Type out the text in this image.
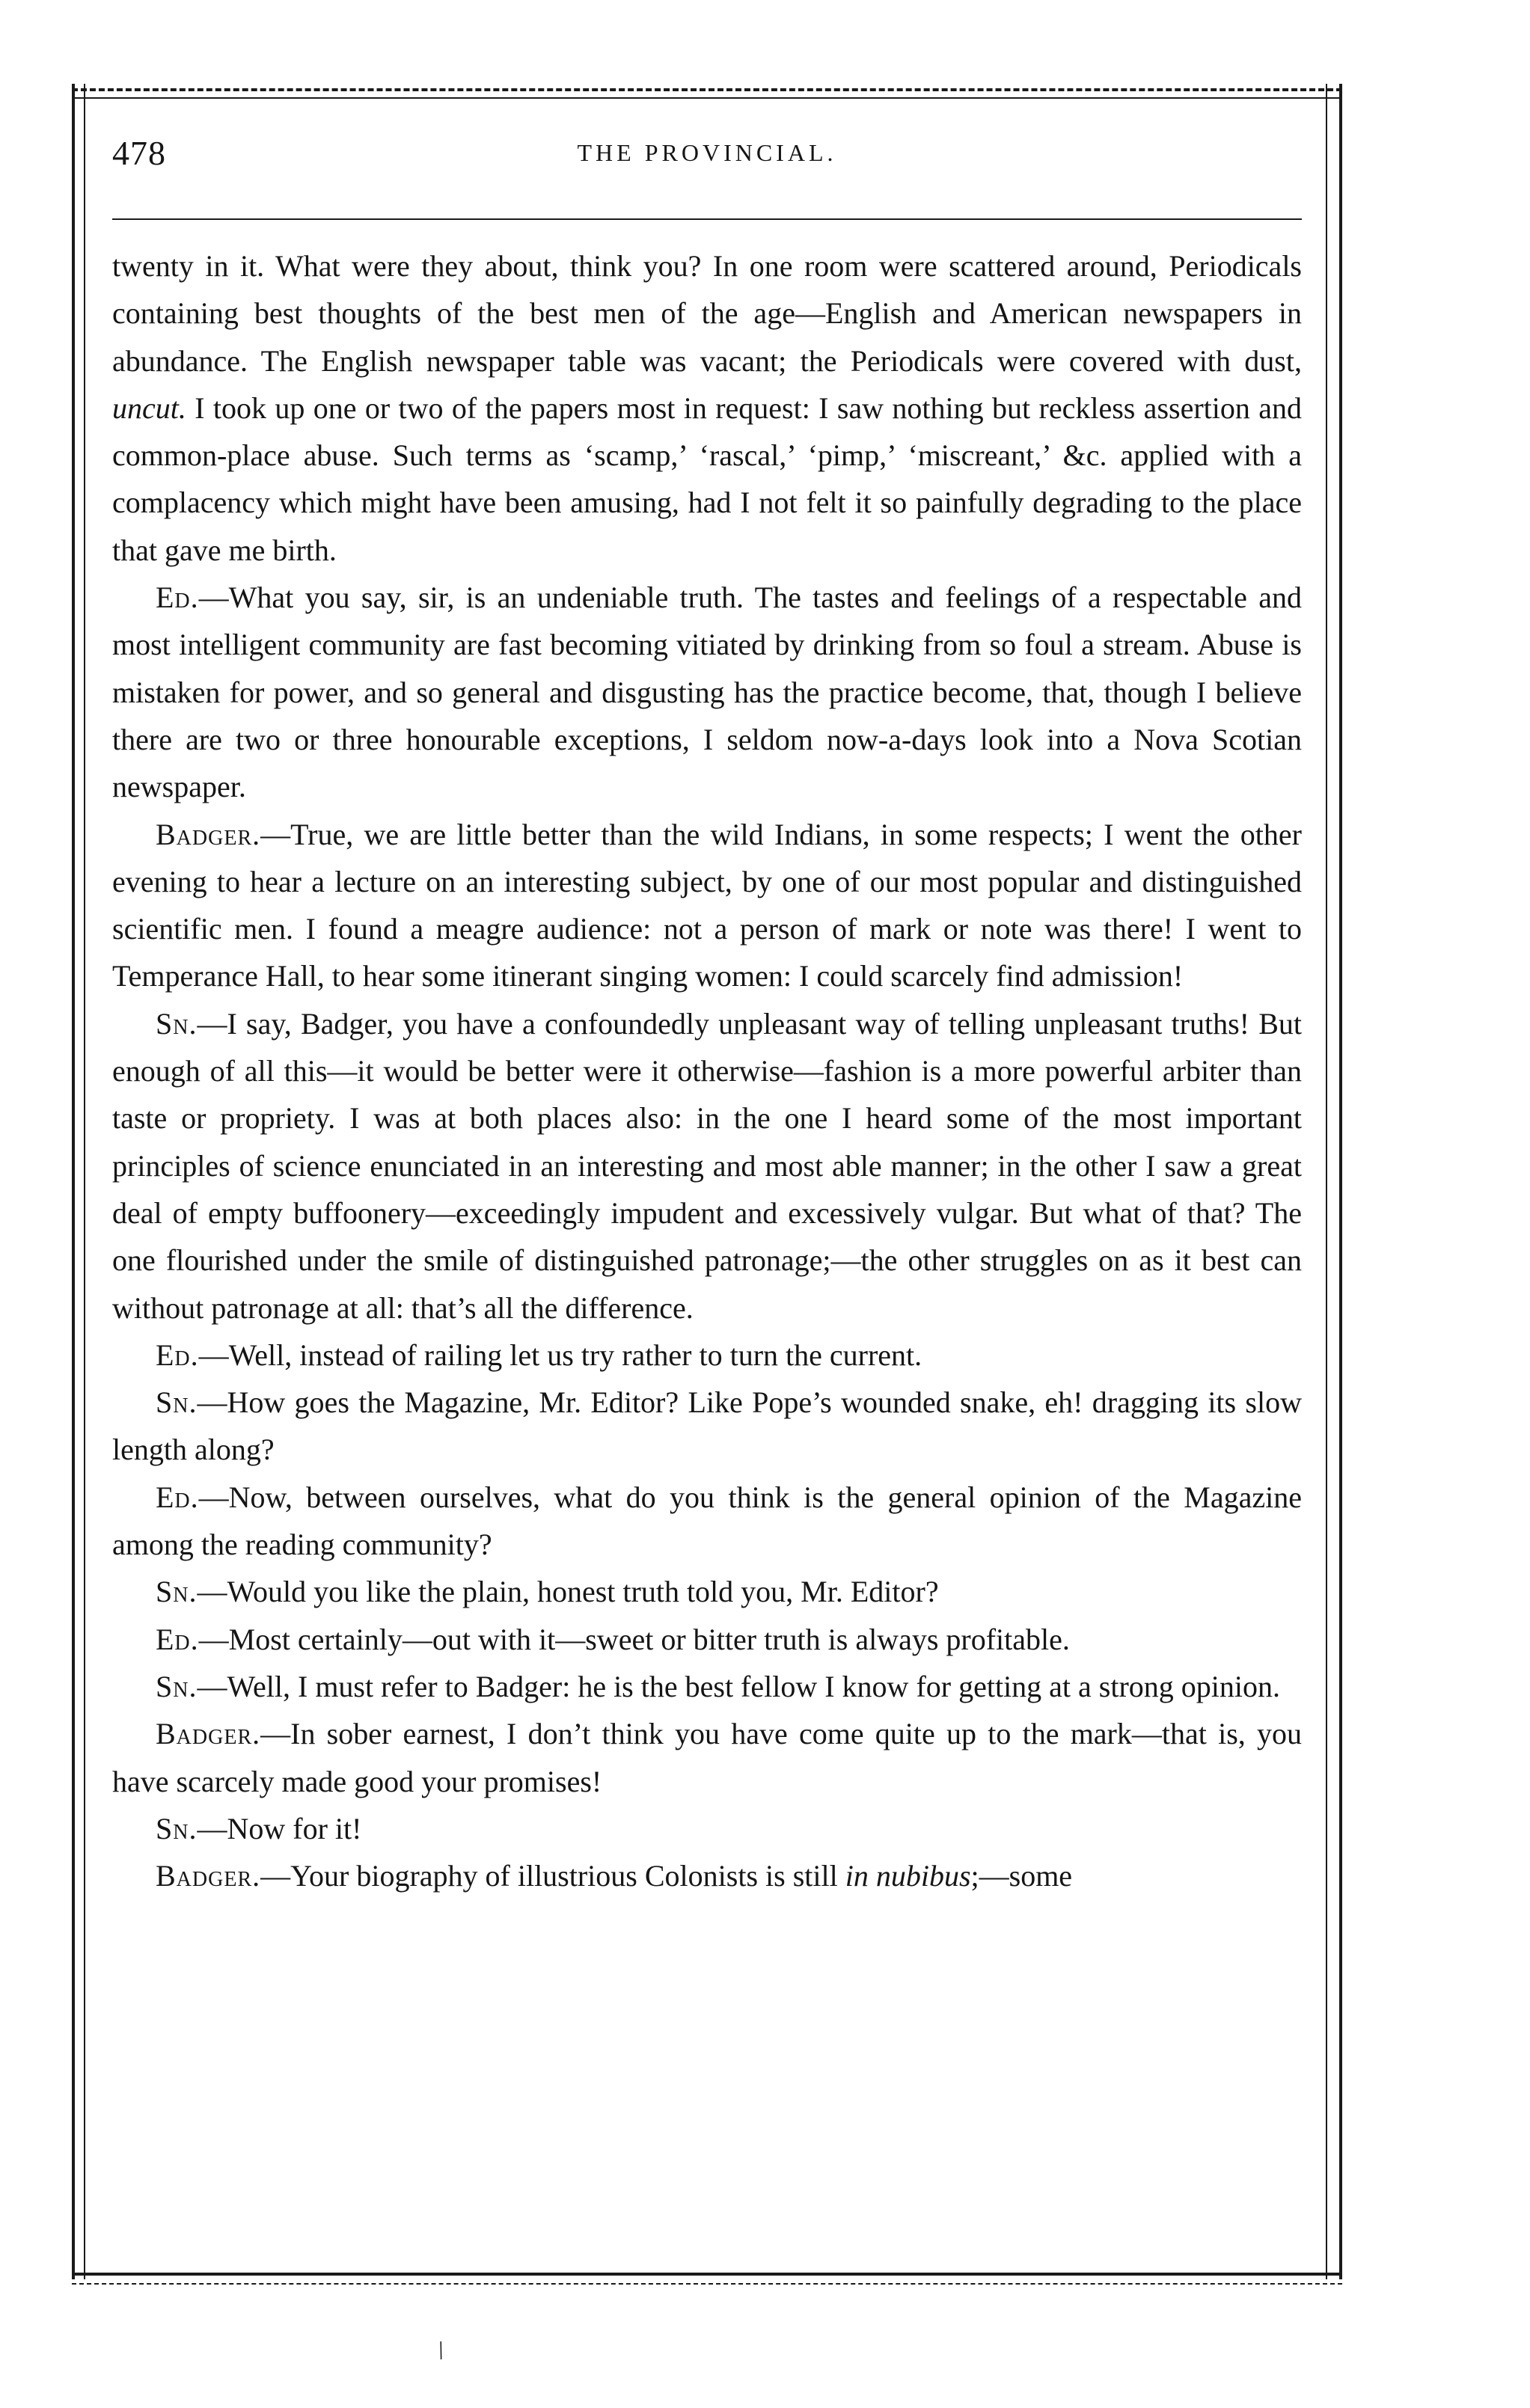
478	THE PROVINCIAL.

twenty in it. What were they about, think you? In one room were scattered around, Periodicals containing best thoughts of the best men of the age—English and American newspapers in abundance. The English newspaper table was vacant; the Periodicals were covered with dust, uncut. I took up one or two of the papers most in request: I saw nothing but reckless assertion and common-place abuse. Such terms as ‘scamp,’ ‘rascal,’ ‘pimp,’ ‘miscreant,’ &c. applied with a complacency which might have been amusing, had I not felt it so painfully degrading to the place that gave me birth.

Ed.—What you say, sir, is an undeniable truth. The tastes and feelings of a respectable and most intelligent community are fast becoming vitiated by drinking from so foul a stream. Abuse is mistaken for power, and so general and disgusting has the practice become, that, though I believe there are two or three honourable exceptions, I seldom now-a-days look into a Nova Scotian newspaper.

Badger.—True, we are little better than the wild Indians, in some respects; I went the other evening to hear a lecture on an interesting subject, by one of our most popular and distinguished scientific men. I found a meagre audience: not a person of mark or note was there! I went to Temperance Hall, to hear some itinerant singing women: I could scarcely find admission!

Sn.—I say, Badger, you have a confoundedly unpleasant way of telling unpleasant truths! But enough of all this—it would be better were it otherwise—fashion is a more powerful arbiter than taste or propriety. I was at both places also: in the one I heard some of the most important principles of science enunciated in an interesting and most able manner; in the other I saw a great deal of empty buffoonery—exceedingly impudent and excessively vulgar. But what of that? The one flourished under the smile of distinguished patronage;—the other struggles on as it best can without patronage at all: that’s all the difference.

Ed.—Well, instead of railing let us try rather to turn the current.

Sn.—How goes the Magazine, Mr. Editor? Like Pope’s wounded snake, eh! dragging its slow length along?

Ed.—Now, between ourselves, what do you think is the general opinion of the Magazine among the reading community?

Sn.—Would you like the plain, honest truth told you, Mr. Editor?

Ed.—Most certainly—out with it—sweet or bitter truth is always profitable.

Sn.—Well, I must refer to Badger: he is the best fellow I know for getting at a strong opinion.

Badger.—In sober earnest, I don’t think you have come quite up to the mark—that is, you have scarcely made good your promises!

Sn.—Now for it!

Badger.—Your biography of illustrious Colonists is still in nubibus;—some

/
